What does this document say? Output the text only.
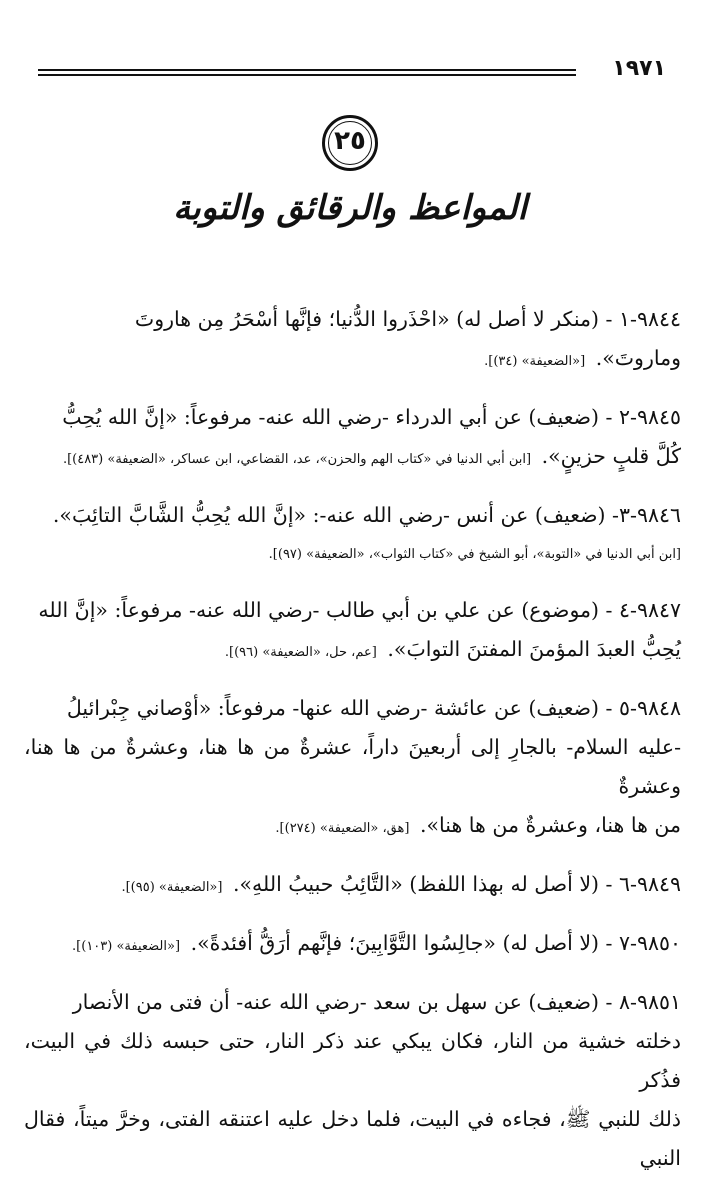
١٩٧١
٢٥
المواعظ والرقائق والتوبة
٩٨٤٤-١ - (منكر لا أصل له) «احْذَروا الدُّنيا؛ فإنَّها أسْحَرُ مِن هاروتَ
وماروتَ». [«الضعيفة» (٣٤)].
٩٨٤٥-٢ - (ضعيف) عن أبي الدرداء -رضي الله عنه- مرفوعاً: «إنَّ الله يُحِبُّ
كُلَّ قلبٍ حزينٍ». [ابن أبي الدنيا في «كتاب الهم والحزن»، عد، القضاعي، ابن عساكر، «الضعيفة» (٤٨٣)].
٩٨٤٦-٣- (ضعيف) عن أنس -رضي الله عنه-: «إنَّ الله يُحِبُّ الشَّابَّ التائِبَ».
[ابن أبي الدنيا في «التوبة»، أبو الشيخ في «كتاب الثواب»، «الضعيفة» (٩٧)].
٩٨٤٧-٤ - (موضوع) عن علي بن أبي طالب -رضي الله عنه- مرفوعاً: «إنَّ الله
يُحِبُّ العبدَ المؤمنَ المفتنَ التوابَ». [عم، حل، «الضعيفة» (٩٦)].
٩٨٤٨-٥ - (ضعيف) عن عائشة -رضي الله عنها- مرفوعاً: «أوْصاني جِبْرائيلُ
-عليه السلام- بالجارِ إلى أربعينَ داراً، عشرةٌ من ها هنا، وعشرةٌ من ها هنا، وعشرةٌ
من ها هنا، وعشرةٌ من ها هنا». [هق، «الضعيفة» (٢٧٤)].
٩٨٤٩-٦ - (لا أصل له بهذا اللفظ) «التَّائِبُ حبيبُ اللهِ». [«الضعيفة» (٩٥)].
٩٨٥٠-٧ - (لا أصل له) «جالِسُوا التَّوَّابِينَ؛ فإنَّهم أرَقُّ أفئدةً». [«الضعيفة» (١٠٣)].
٩٨٥١-٨ - (ضعيف) عن سهل بن سعد -رضي الله عنه- أن فتى من الأنصار
دخلته خشية من النار، فكان يبكي عند ذكر النار، حتى حبسه ذلك في البيت، فذُكر
ذلك للنبي ﷺ، فجاءه في البيت، فلما دخل عليه اعتنقه الفتى، وخرَّ ميتاً، فقال النبي
